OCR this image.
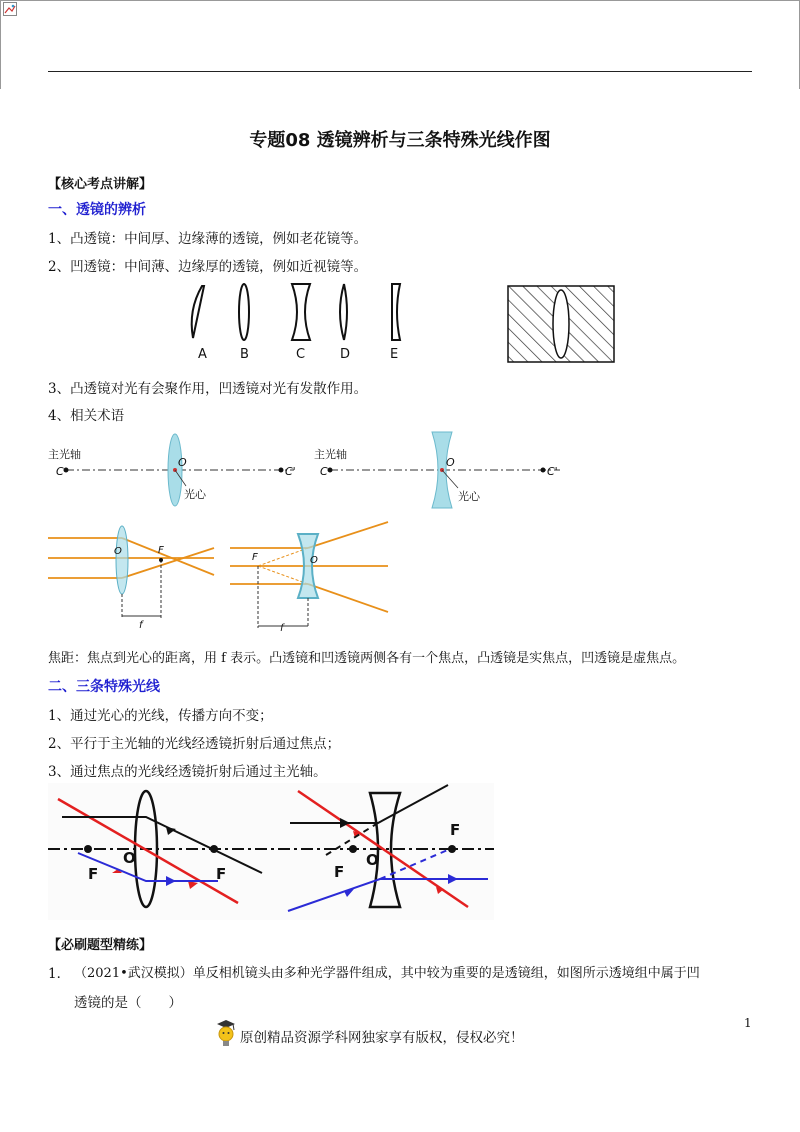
专题08 透镜辨析与三条特殊光线作图
【核心考点讲解】
一、透镜的辨析
1、凸透镜：中间厚、边缘薄的透镜，例如老花镜等。
2、凹透镜：中间薄、边缘厚的透镜，例如近视镜等。
A	B	C	D	E
3、凸透镜对光有会聚作用，凹透镜对光有发散作用。
4、相关术语
主光轴
C	C'
O
光心
主光轴
C	C'
O
光心
O	F
f
F	O
f
焦距：焦点到光心的距离，用 f 表示。凸透镜和凹透镜两侧各有一个焦点，凸透镜是实焦点，凹透镜是虚焦点。
二、三条特殊光线
1、通过光心的光线，传播方向不变；
2、平行于主光轴的光线经透镜折射后通过焦点；
3、通过焦点的光线经透镜折射后通过主光轴。
O
F	F
O
F
F
【必刷题型精练】
1． （2021•武汉模拟）单反相机镜头由多种光学器件组成，其中较为重要的是透镜组，如图所示透境组中属于凹
透镜的是（　　）
1
原创精品资源学科网独家享有版权，侵权必究！
